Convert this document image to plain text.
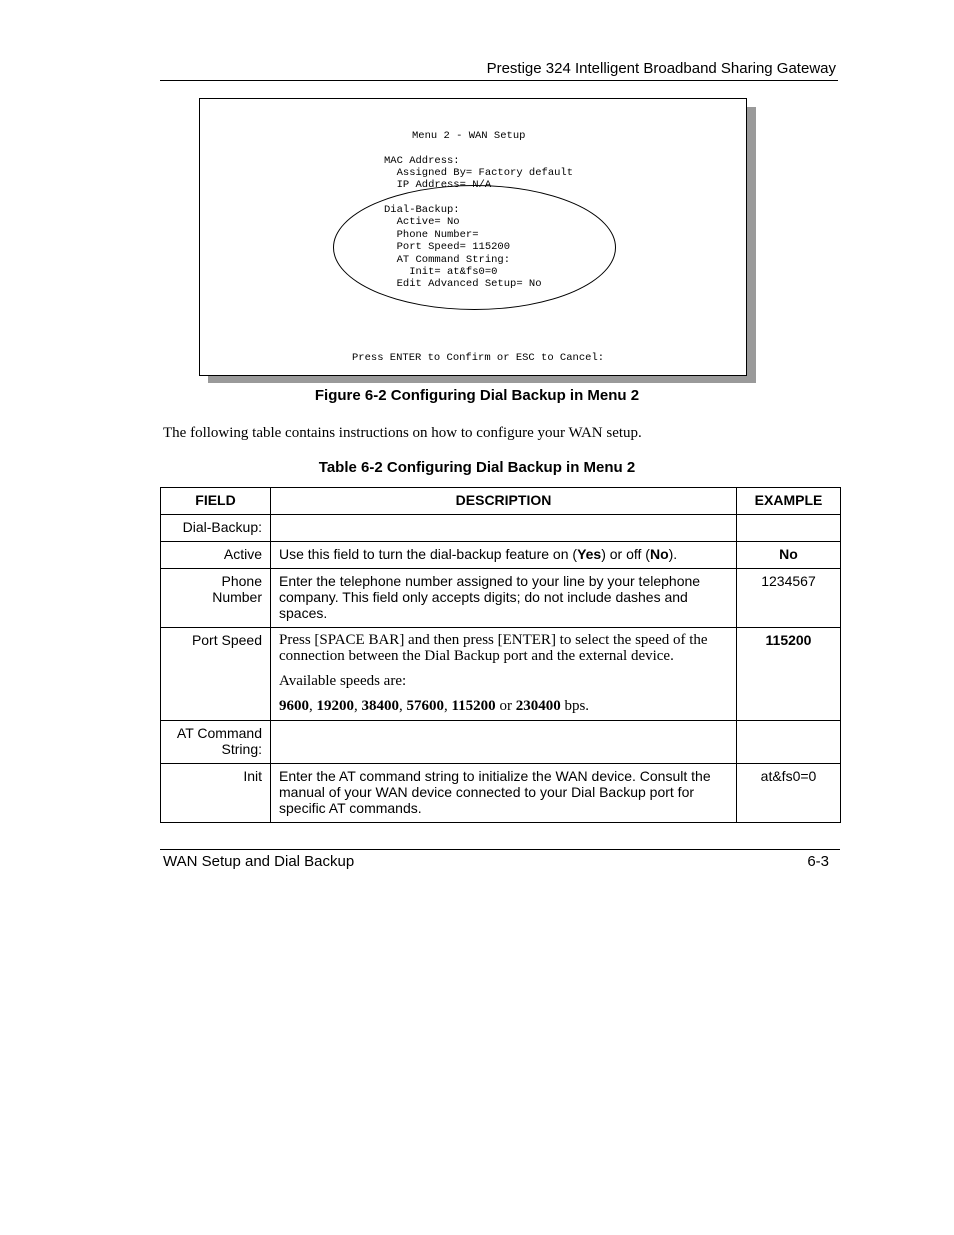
Prestige 324 Intelligent Broadband Sharing Gateway
Menu 2 - WAN Setup
MAC Address:
Assigned By= Factory default
IP Address= N/A
Dial-Backup:
Active= No
Phone Number=
Port Speed= 115200
AT Command String:
Init= at&fs0=0
Edit Advanced Setup= No
Press ENTER to Confirm or ESC to Cancel:
Figure 6-2 Configuring Dial Backup in Menu 2
The following table contains instructions on how to configure your WAN setup.
Table 6-2 Configuring Dial Backup in Menu 2
FIELD	DESCRIPTION	EXAMPLE
Dial-Backup:		
Active	Use this field to turn the dial-backup feature on (Yes) or off (No).	No
Phone
Number	Enter the telephone number assigned to your line by your telephone company. This field only accepts digits; do not include dashes and spaces.	1234567
Port Speed	Press [SPACE BAR] and then press [ENTER] to select the speed of the connection between the Dial Backup port and the external device.

Available speeds are:

9600, 19200, 38400, 57600, 115200 or 230400 bps.	115200
AT Command
String:		
Init	Enter the AT command string to initialize the WAN device. Consult the manual of your WAN device connected to your Dial Backup port for specific AT commands.	at&fs0=0
WAN Setup and Dial Backup	6-3
